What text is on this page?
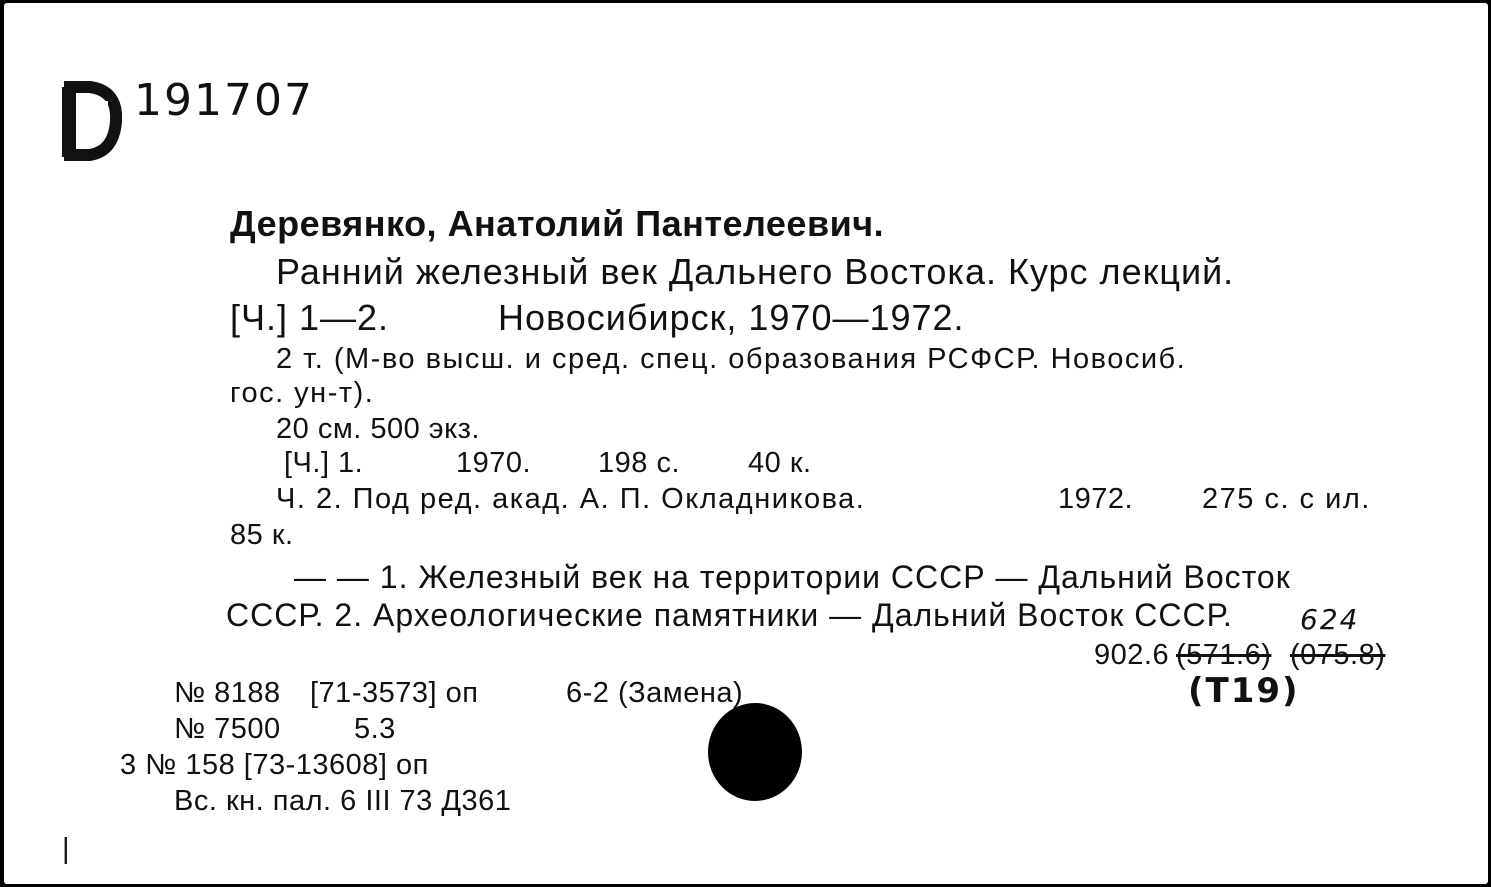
191707
Деревянко, Анатолий Пантелеевич.
Ранний железный век Дальнего Востока. Курс лекций.
[Ч.] 1—2.	Новосибирск, 1970—1972.
2 т. (М-во высш. и сред. спец. образования РСФСР. Новосиб.
гос. ун-т).
20 см. 500 экз.
[Ч.] 1.	1970. 198 с. 40 к.
Ч. 2. Под ред. акад. А. П. Окладникова.	1972. 275 с. с ил.
85 к.
— — 1. Железный век на территории СССР — Дальний Восток
СССР. 2. Археологические памятники — Дальний Восток СССР. 624
902.6 (571.6) (075.8)
(Т19)
№ 8188 [71-3573] оп	6-2 (Замена)
№ 7500	5.3
3 № 158 [73-13608] оп
Вс. кн. пал. 6 III 73 Д361
|
